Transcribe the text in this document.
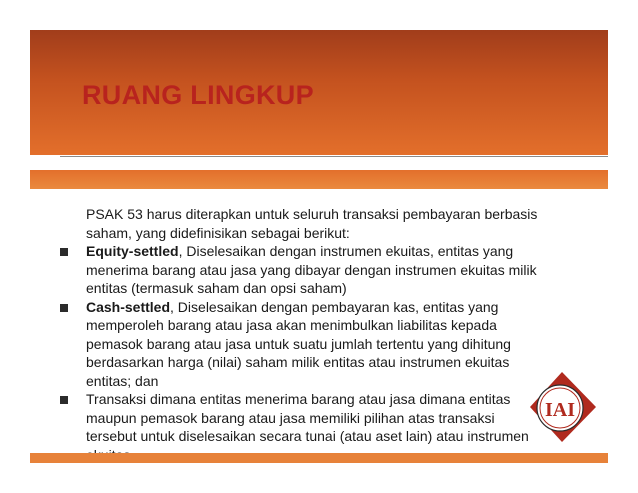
RUANG LINGKUP

PSAK 53 harus diterapkan untuk seluruh transaksi pembayaran berbasis saham, yang didefinisikan sebagai berikut:

Equity-settled, Diselesaikan dengan instrumen ekuitas, entitas yang menerima barang atau jasa yang dibayar dengan instrumen ekuitas milik entitas (termasuk saham dan opsi saham)
Cash-settled, Diselesaikan dengan pembayaran kas, entitas yang memperoleh barang atau jasa akan menimbulkan liabilitas kepada pemasok barang atau jasa untuk suatu jumlah tertentu yang dihitung berdasarkan harga (nilai) saham milik entitas atau instrumen ekuitas entitas; dan
Transaksi dimana entitas menerima barang atau jasa dimana entitas maupun pemasok barang atau jasa memiliki pilihan atas transaksi tersebut untuk diselesaikan secara tunai (atau aset lain) atau instrumen
IAI
